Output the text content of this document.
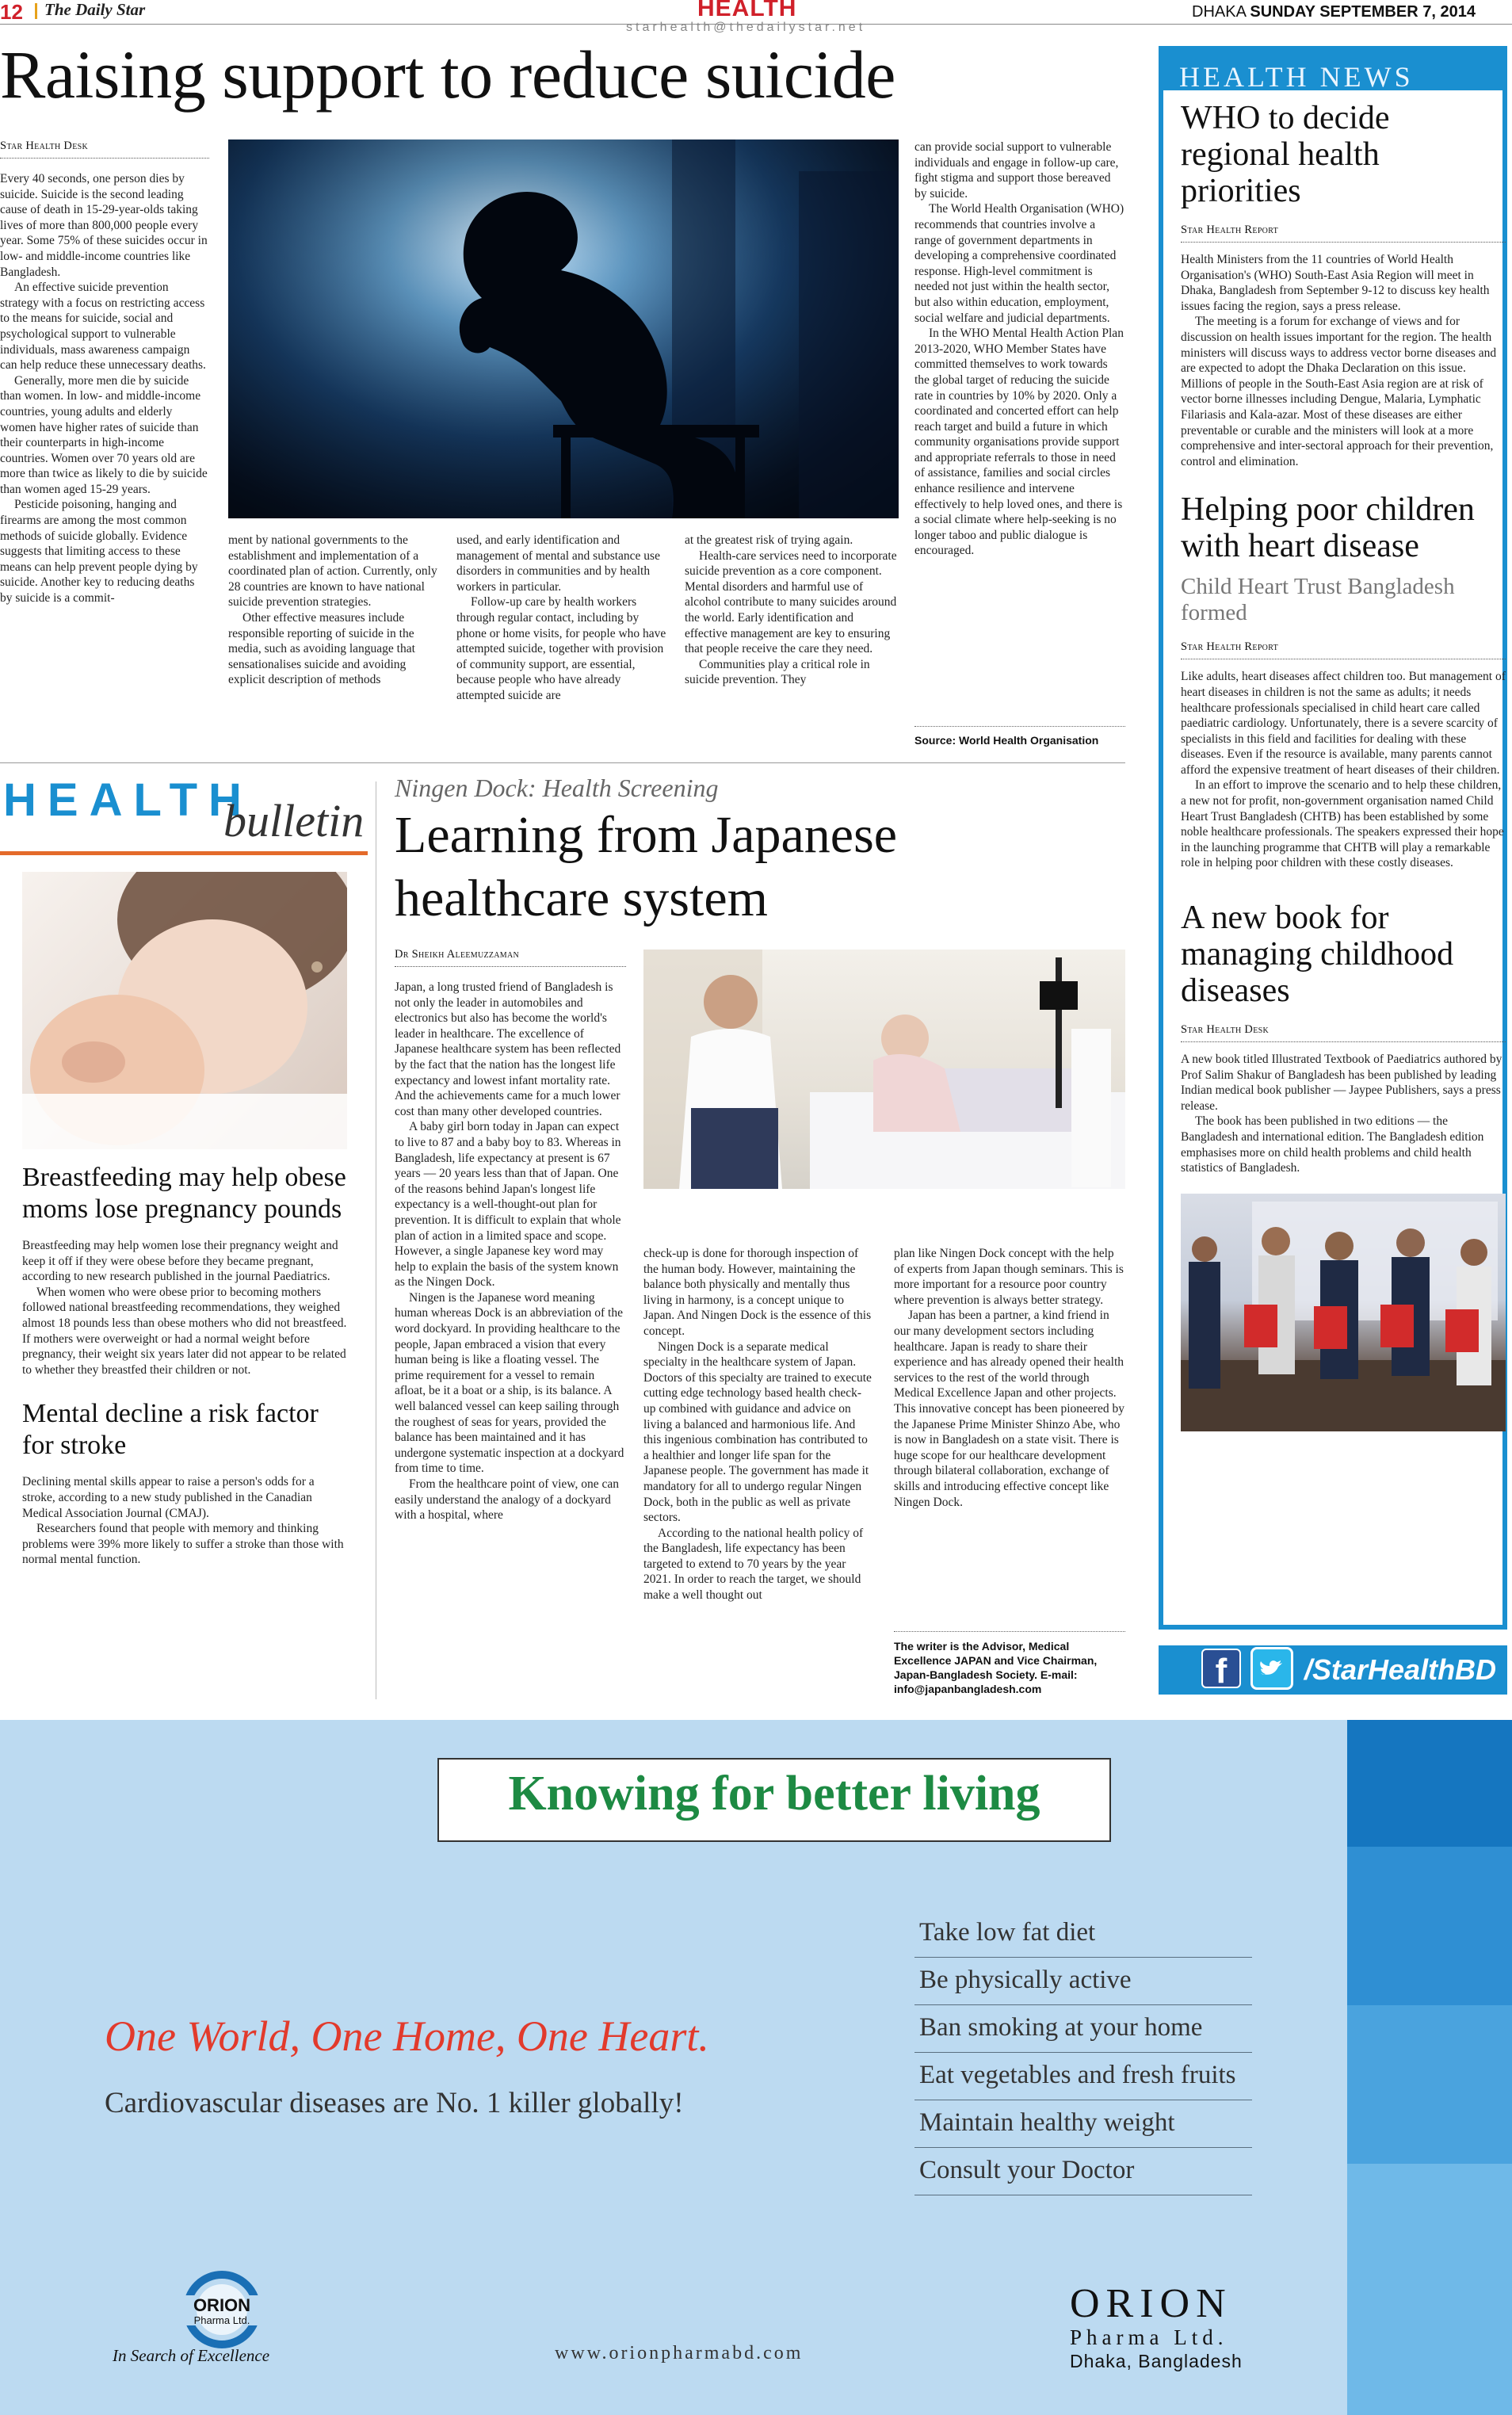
12 The Daily Star	HEALTH
starhealth@thedailystar.net
DHAKA SUNDAY SEPTEMBER 7, 2014
Raising support to reduce suicide
Star Health Desk

Every 40 seconds, one person dies by suicide. Suicide is the second leading cause of death in 15-29-year-olds taking lives of more than 800,000 people every year. Some 75% of these suicides occur in low- and middle-income countries like Bangladesh.

An effective suicide prevention strategy with a focus on restricting access to the means for suicide, social and psychological support to vulnerable individuals, mass awareness campaign can help reduce these unnecessary deaths.

Generally, more men die by suicide than women. In low- and middle-income countries, young adults and elderly women have higher rates of suicide than their counterparts in high-income countries. Women over 70 years old are more than twice as likely to die by suicide than women aged 15-29 years.

Pesticide poisoning, hanging and firearms are among the most common methods of suicide globally. Evidence suggests that limiting access to these means can help prevent people dying by suicide. Another key to reducing deaths by suicide is a commit-

ment by national governments to the establishment and implementation of a coordinated plan of action. Currently, only 28 countries are known to have national suicide prevention strategies.

Other effective measures include responsible reporting of suicide in the media, such as avoiding language that sensationalises suicide and avoiding explicit description of methods

used, and early identification and management of mental and substance use disorders in communities and by health workers in particular.

Follow-up care by health workers through regular contact, including by phone or home visits, for people who have attempted suicide, together with provision of community support, are essential, because people who have already attempted suicide are

at the greatest risk of trying again.

Health-care services need to incorporate suicide prevention as a core component. Mental disorders and harmful use of alcohol contribute to many suicides around the world. Early identification and effective management are key to ensuring that people receive the care they need.

Communities play a critical role in suicide prevention. They

can provide social support to vulnerable individuals and engage in follow-up care, fight stigma and support those bereaved by suicide.

The World Health Organisation (WHO) recommends that countries involve a range of government departments in developing a comprehensive coordinated response. High-level commitment is needed not just within the health sector, but also within education, employment, social welfare and judicial departments.

In the WHO Mental Health Action Plan 2013-2020, WHO Member States have committed themselves to work towards the global target of reducing the suicide rate in countries by 10% by 2020. Only a coordinated and concerted effort can help reach target and build a future in which community organisations provide support and appropriate referrals to those in need of assistance, families and social circles enhance resilience and intervene effectively to help loved ones, and there is a social climate where help-seeking is no longer taboo and public dialogue is encouraged.

Source: World Health Organisation
HEALTH NEWS
WHO to decide regional health priorities
Star Health Report

Health Ministers from the 11 countries of World Health Organisation's (WHO) South-East Asia Region will meet in Dhaka, Bangladesh from September 9-12 to discuss key health issues facing the region, says a press release.

The meeting is a forum for exchange of views and for discussion on health issues important for the region. The health ministers will discuss ways to address vector borne diseases and are expected to adopt the Dhaka Declaration on this issue. Millions of people in the South-East Asia region are at risk of vector borne illnesses including Dengue, Malaria, Lymphatic Filariasis and Kala-azar. Most of these diseases are either preventable or curable and the ministers will look at a more comprehensive and inter-sectoral approach for their prevention, control and elimination.

Helping poor children with heart disease
Child Heart Trust Bangladesh formed
Star Health Report

Like adults, heart diseases affect children too. But management of heart diseases in children is not the same as adults; it needs healthcare professionals specialised in child heart care called paediatric cardiology. Unfortunately, there is a severe scarcity of specialists in this field and facilities for dealing with these diseases. Even if the resource is available, many parents cannot afford the expensive treatment of heart diseases of their children.

In an effort to improve the scenario and to help these children, a new not for profit, non-government organisation named Child Heart Trust Bangladesh (CHTB) has been established by some noble healthcare professionals. The speakers expressed their hope in the launching programme that CHTB will play a remarkable role in helping poor children with these costly diseases.

A new book for managing childhood diseases
Star Health Desk

A new book titled Illustrated Textbook of Paediatrics authored by Prof Salim Shakur of Bangladesh has been published by leading Indian medical book publisher — Jaypee Publishers, says a press release.

The book has been published in two editions — the Bangladesh and international edition. The Bangladesh edition emphasises more on child health problems and child health statistics of Bangladesh.

f	/StarHealthBD
HEALTH
bulletin
Breastfeeding may help obese moms lose pregnancy pounds

Breastfeeding may help women lose their pregnancy weight and keep it off if they were obese before they became pregnant, according to new research published in the journal Paediatrics.

When women who were obese prior to becoming mothers followed national breastfeeding recommendations, they weighed almost 18 pounds less than obese mothers who did not breastfeed. If mothers were overweight or had a normal weight before pregnancy, their weight six years later did not appear to be related to whether they breastfed their children or not.

Mental decline a risk factor for stroke

Declining mental skills appear to raise a person's odds for a stroke, according to a new study published in the Canadian Medical Association Journal (CMAJ).

Researchers found that people with memory and thinking problems were 39% more likely to suffer a stroke than those with normal mental function.

Ningen Dock: Health Screening
Learning from Japanese healthcare system
Dr Sheikh Aleemuzzaman

Japan, a long trusted friend of Bangladesh is not only the leader in automobiles and electronics but also has become the world's leader in healthcare. The excellence of Japanese healthcare system has been reflected by the fact that the nation has the longest life expectancy and lowest infant mortality rate. And the achievements came for a much lower cost than many other developed countries.

A baby girl born today in Japan can expect to live to 87 and a baby boy to 83. Whereas in Bangladesh, life expectancy at present is 67 years — 20 years less than that of Japan. One of the reasons behind Japan's longest life expectancy is a well-thought-out plan for prevention. It is difficult to explain that whole plan of action in a limited space and scope. However, a single Japanese key word may help to explain the basis of the system known as the Ningen Dock.

Ningen is the Japanese word meaning human whereas Dock is an abbreviation of the word dockyard. In providing healthcare to the people, Japan embraced a vision that every human being is like a floating vessel. The prime requirement for a vessel to remain afloat, be it a boat or a ship, is its balance. A well balanced vessel can keep sailing through the roughest of seas for years, provided the balance has been maintained and it has undergone systematic inspection at a dockyard from time to time.

From the healthcare point of view, one can easily understand the analogy of a dockyard with a hospital, where

check-up is done for thorough inspection of the human body. However, maintaining the balance both physically and mentally thus living in harmony, is a concept unique to Japan. And Ningen Dock is the essence of this concept.

Ningen Dock is a separate medical specialty in the healthcare system of Japan. Doctors of this specialty are trained to execute cutting edge technology based health check-up combined with guidance and advice on living a balanced and harmonious life. And this ingenious combination has contributed to a healthier and longer life span for the Japanese people. The government has made it mandatory for all to undergo regular Ningen Dock, both in the public as well as private sectors.

According to the national health policy of the Bangladesh, life expectancy has been targeted to extend to 70 years by the year 2021. In order to reach the target, we should make a well thought out

plan like Ningen Dock concept with the help of experts from Japan though seminars. This is more important for a resource poor country where prevention is always better strategy.

Japan has been a partner, a kind friend in our many development sectors including healthcare. Japan is ready to share their experience and has already opened their health services to the rest of the world through Medical Excellence Japan and other projects. This innovative concept has been pioneered by the Japanese Prime Minister Shinzo Abe, who is now in Bangladesh on a state visit. There is huge scope for our healthcare development through bilateral collaboration, exchange of skills and introducing effective concept like Ningen Dock.

The writer is the Advisor, Medical Excellence JAPAN and Vice Chairman, Japan-Bangladesh Society. E-mail: info@japanbangladesh.com
Knowing for better living
One World, One Home, One Heart.
Cardiovascular diseases are No. 1 killer globally!
Take low fat diet
Be physically active
Ban smoking at your home
Eat vegetables and fresh fruits
Maintain healthy weight
Consult your Doctor
ORION
Pharma Ltd.
In Search of Excellence	www.orionpharmabd.com
ORION
Pharma Ltd.
Dhaka, Bangladesh
